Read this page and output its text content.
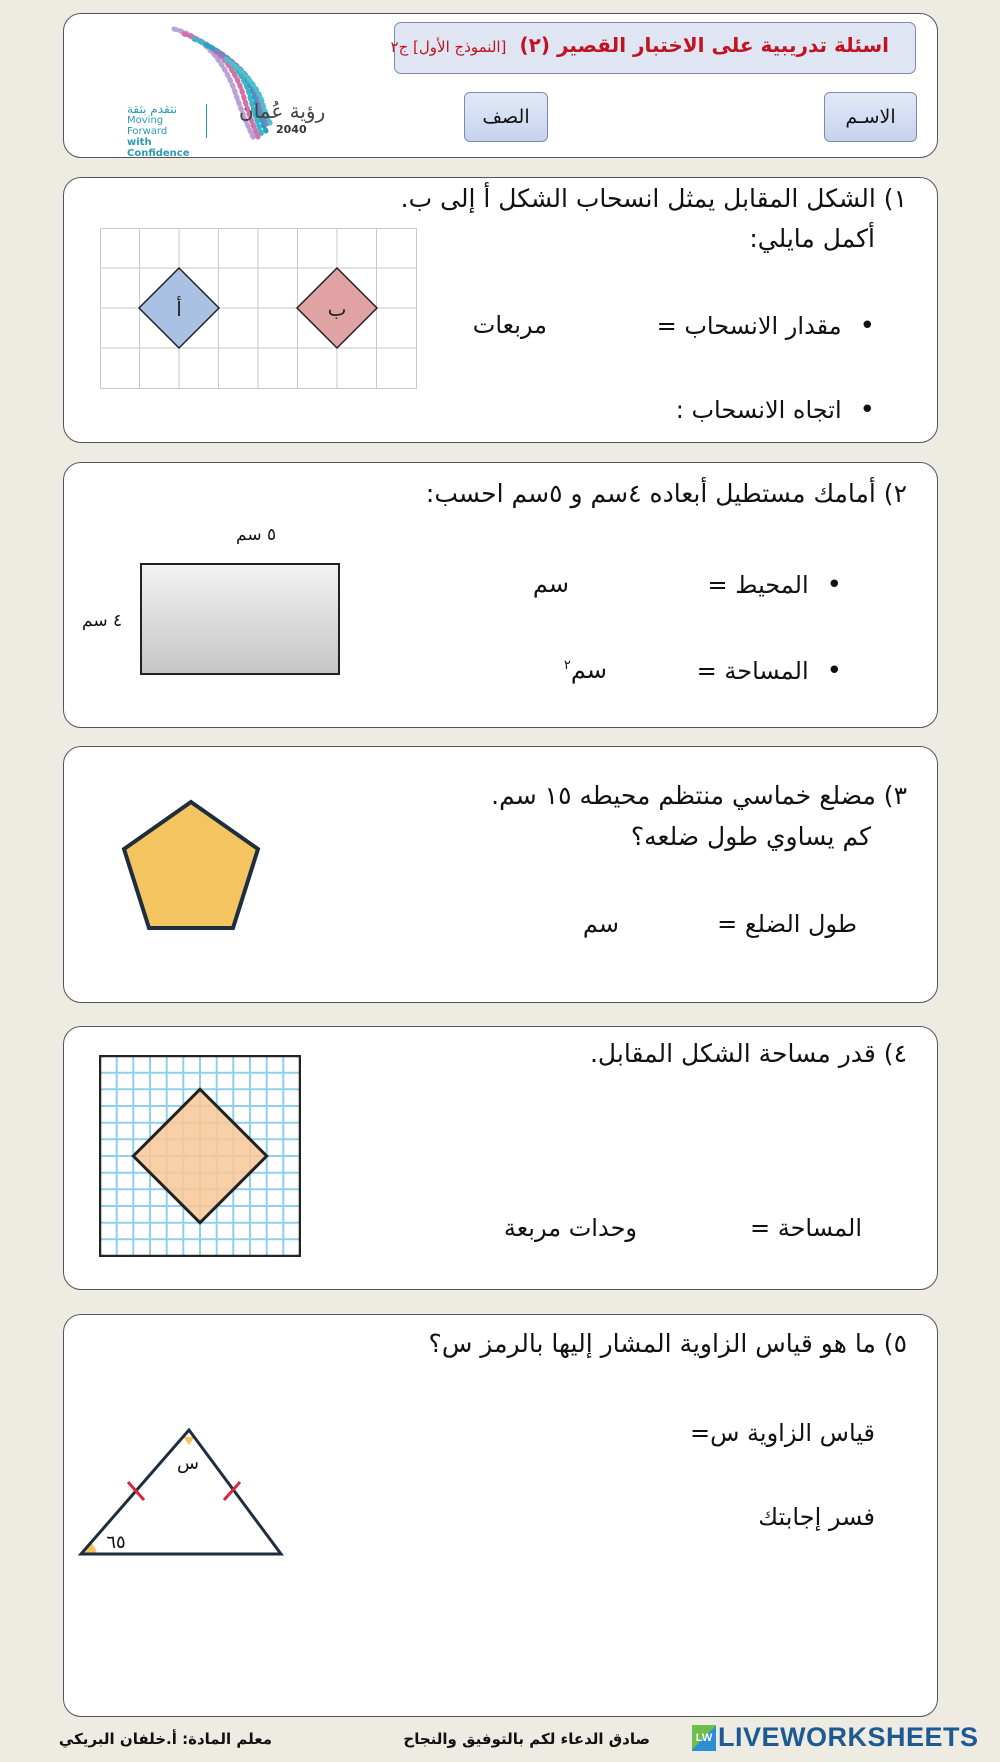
اسئلة تدريبية على الاختبار القصير (٢) [النموذج الأول] ج٢
الاسـم
الصف
رؤية عُمان
2040
نتقدم بثقة
Moving Forward
with Confidence
١) الشكل المقابل يمثل انسحاب الشكل أ إلى ب.
أكمل مايلي:
• مقدار الانسحاب =
مربعات
• اتجاه الانسحاب :
أ	ب
٢) أمامك مستطيل أبعاده ٤سم و ٥سم احسب:
• المحيط =
سم
• المساحة =
سم$^٢$
٥ سم
٤ سم
٣) مضلع خماسي منتظم محيطه ١٥ سم.
كم يساوي طول ضلعه؟
طول الضلع =
سم
٤) قدر مساحة الشكل المقابل.
المساحة =
وحدات مربعة
٥) ما هو قياس الزاوية المشار إليها بالرمز س؟
قياس الزاوية س=
فسر إجابتك
س
٦٥
معلم المادة: أ.خلفان البريكي	صادق الدعاء لكم بالتوفيق والنجاح	LW LIVEWORKSHEETS
